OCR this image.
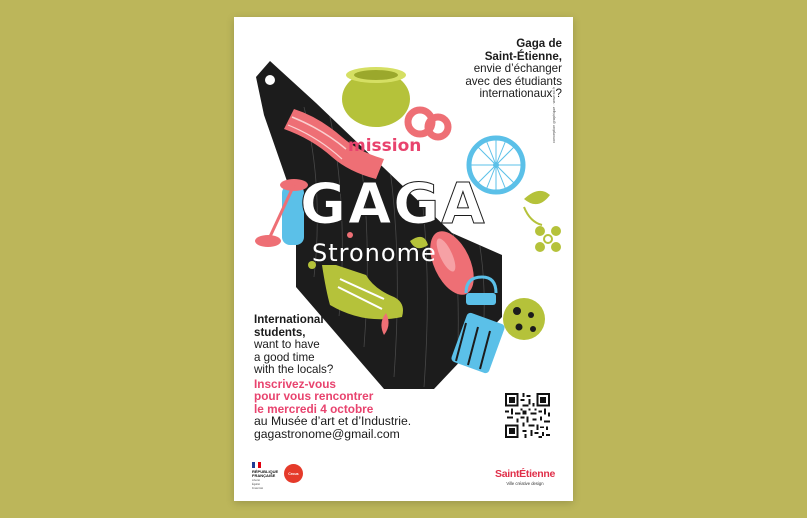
mission
GAGA
Stronome
Gaga de
Saint-Étienne,
envie d’échanger
avec des étudiants
internationaux ?
International
students,
want to have
a good time
with the locals?
Inscrivez-vous
pour vous rencontrer
le mercredi 4 octobre
au Musée d’art et d’Industrie.
gagastronome@gmail.com
conception graphique : www.sd.fr
RÉPUBLIQUE
FRANÇAISE
Liberté
Égalité
Fraternité
Crous	SaintÉtienne
Ville créative design
